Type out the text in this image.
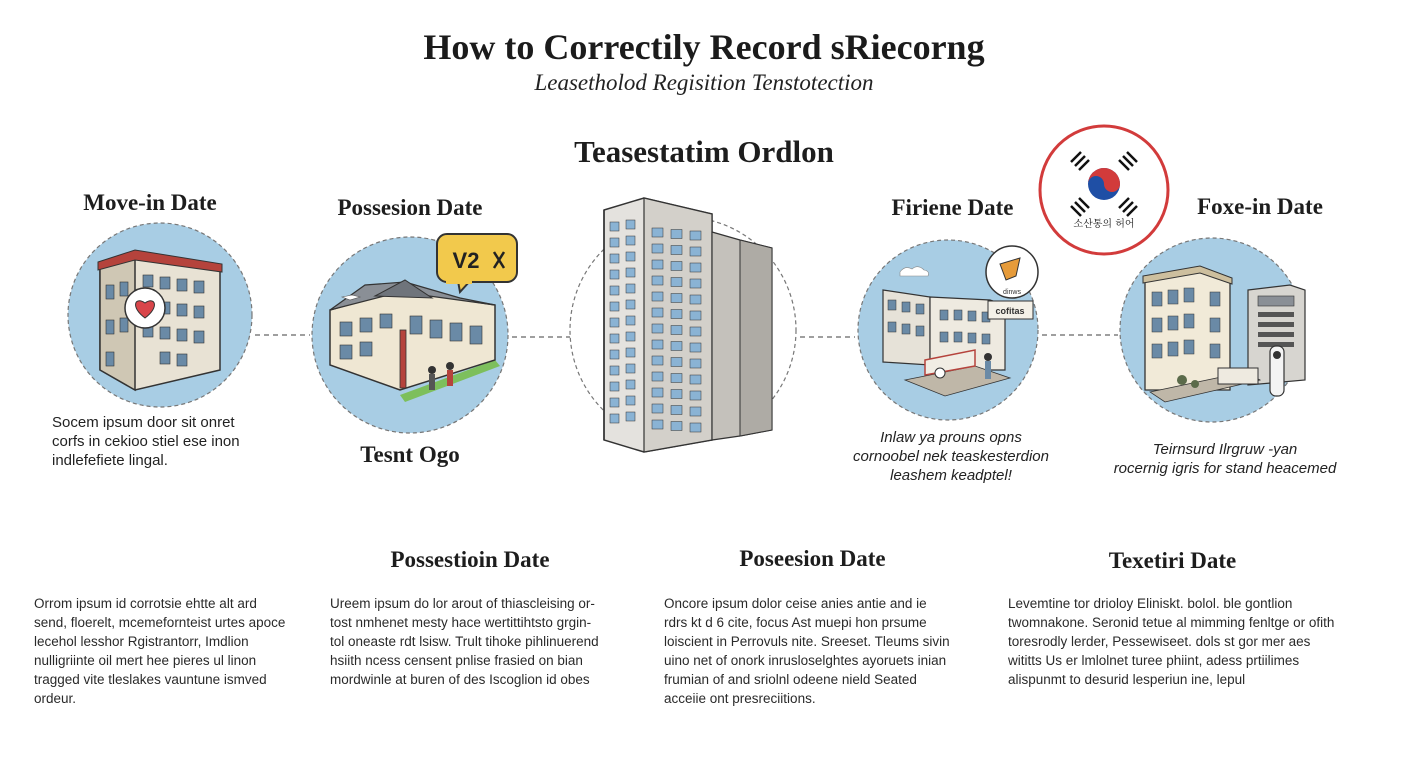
How to Correctily Record sRiecorng
Leasetholod Regisition Tenstotection
Teasestatim Ordlon
V2
cofitas
dinws
소산통의 허어
Move-in Date	Possesion Date	Firiene Date	Foxe-in Date
Tesnt Ogo
Socem ipsum door sit onret
corfs in cekioo stiel ese inon
indlefefiete lingal.
Inlaw ya prouns opns
cornoobel nek teaskesterdion
leashem keadptel!
Teirnsurd Ilrgruw -yan
rocernig igris for stand heacemed
Possestioin Date	Poseesion Date	Texetiri Date
Orrom ipsum id corrotsie ehtte alt ard
send, floerelt, mcemefornteist urtes apoce
lecehol lesshor Rgistrantorr, Imdlion
nulligriinte oil mert hee pieres ul linon
tragged vite tleslakes vauntune ismved
ordeur.
Ureem ipsum do lor arout of thiascleising or-
tost nmhenet mesty hace wertittihtsto grgin-
tol oneaste rdt lsisw. Trult tihoke pihlinuerend
hsiith ncess censent pnlise frasied on bian
mordwinle at buren of des Iscoglion id obes
Oncore ipsum dolor ceise anies antie and ie
rdrs kt d 6 cite, focus Ast muepi hon prsume
loiscient in Perrovuls nite. Sreeset. Tleums sivin
uino net of onork inrusloselghtes ayoruets inian
frumian of and sriolnl odeene nield Seated
acceiie ont presreciitions.
Levemtine tor drioloy Eliniskt. bolol. ble gontlion
twomnakone. Seronid tetue al mimming fenltge or ofith
toresrodly lerder, Pessewiseet. dols st gor mer aes
wititts Us er lmlolnet turee phiint, adess prtiilimes
alispunmt to desurid lesperiun ine, lepul
